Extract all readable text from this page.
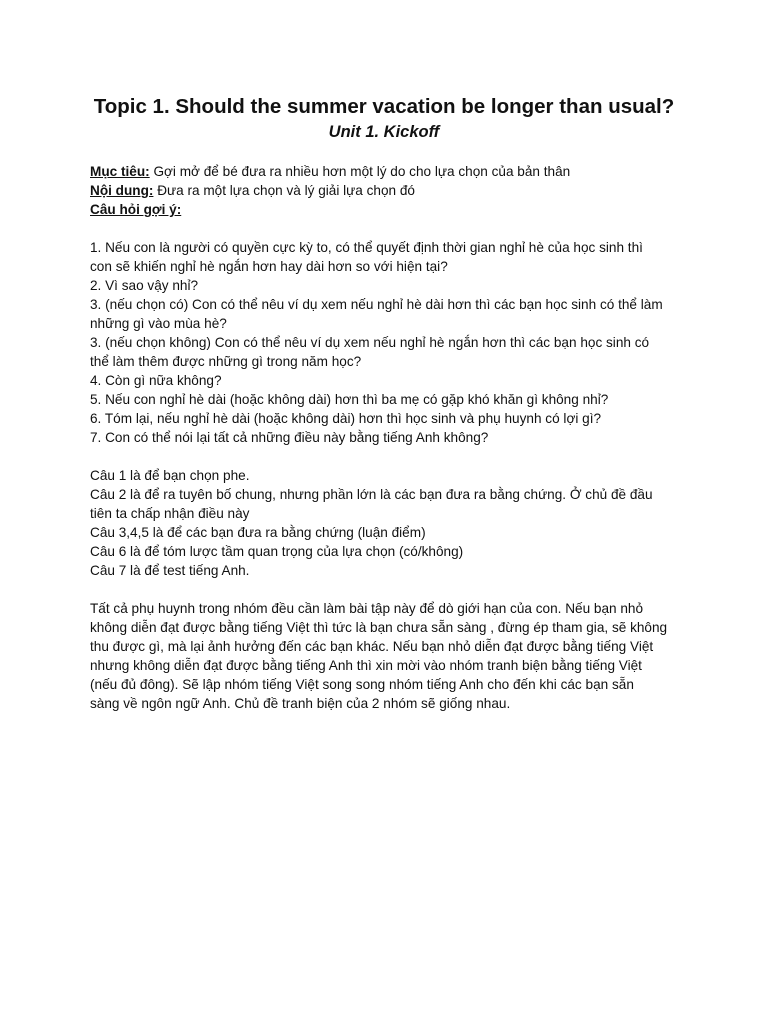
Topic 1. Should the summer vacation be longer than usual?
Unit 1. Kickoff
Mục tiêu: Gợi mở để bé đưa ra nhiều hơn một lý do cho lựa chọn của bản thân
Nội dung: Đưa ra một lựa chọn và lý giải lựa chọn đó
Câu hỏi gợi ý:
1. Nếu con là người có quyền cực kỳ to, có thể quyết định thời gian nghỉ hè của học sinh thì
con sẽ khiến nghỉ hè ngắn hơn hay dài hơn so với hiện tại?
2. Vì sao vậy nhỉ?
3. (nếu chọn có) Con có thể nêu ví dụ xem nếu nghỉ hè dài hơn thì các bạn học sinh có thể làm
những gì vào mùa hè?
3. (nếu chọn không) Con có thể nêu ví dụ xem nếu nghỉ hè ngắn hơn thì các bạn học sinh có
thể làm thêm được những gì trong năm học?
4. Còn gì nữa không?
5. Nếu con nghỉ hè dài (hoặc không dài) hơn thì ba mẹ có gặp khó khăn gì không nhỉ?
6. Tóm lại, nếu nghỉ hè dài (hoặc không dài) hơn thì học sinh và phụ huynh có lợi gì?
7. Con có thể nói lại tất cả những điều này bằng tiếng Anh không?
Câu 1 là để bạn chọn phe.
Câu 2 là để ra tuyên bố chung, nhưng phần lớn là các bạn đưa ra bằng chứng. Ở chủ đề đầu
tiên ta chấp nhận điều này
Câu 3,4,5 là để các bạn đưa ra bằng chứng (luận điểm)
Câu 6 là để tóm lược tầm quan trọng của lựa chọn (có/không)
Câu 7 là để test tiếng Anh.
Tất cả phụ huynh trong nhóm đều cần làm bài tập này để dò giới hạn của con. Nếu bạn nhỏ
không diễn đạt được bằng tiếng Việt thì tức là bạn chưa sẵn sàng , đừng ép tham gia, sẽ không
thu được gì, mà lại ảnh hưởng đến các bạn khác. Nếu bạn nhỏ diễn đạt được bằng tiếng Việt
nhưng không diễn đạt được bằng tiếng Anh thì xin mời vào nhóm tranh biện bằng tiếng Việt
(nếu đủ đông). Sẽ lập nhóm tiếng Việt song song nhóm tiếng Anh cho đến khi các bạn sẵn
sàng về ngôn ngữ Anh. Chủ đề tranh biện của 2 nhóm sẽ giống nhau.
